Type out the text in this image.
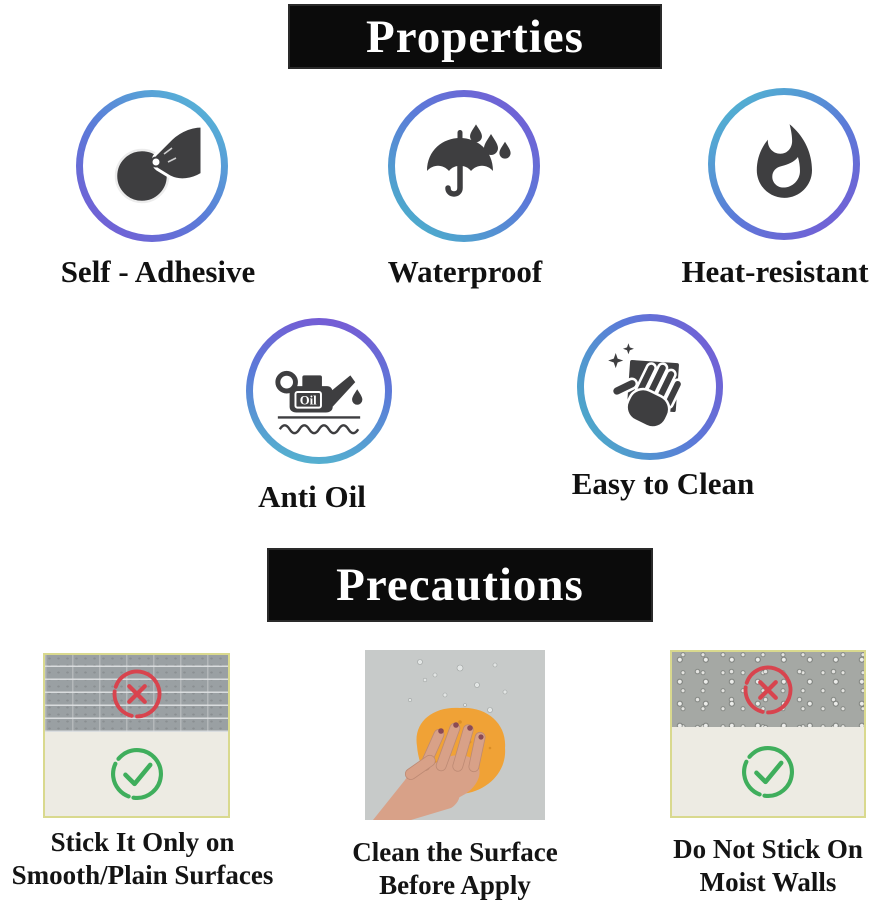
Properties
Oil
Self - Adhesive	Waterproof	Heat-resistant
Anti Oil	Easy to Clean
Precautions
Stick It Only on
Smooth/Plain Surfaces
Clean the Surface
Before Apply
Do Not Stick On
Moist Walls
